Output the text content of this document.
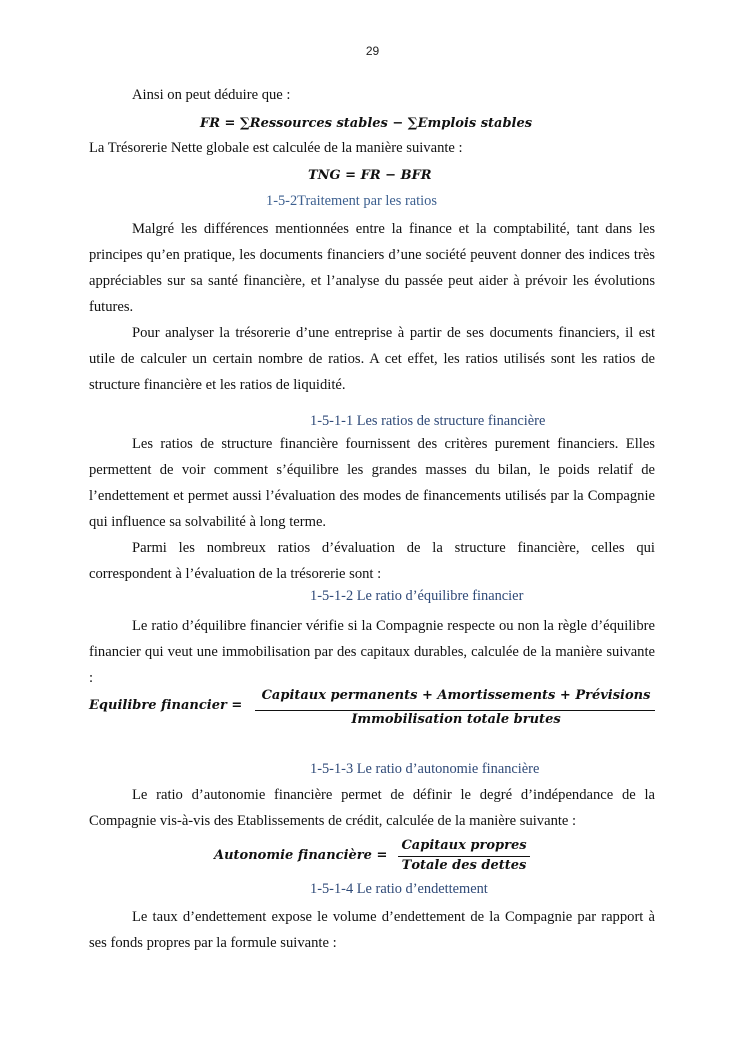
29

Ainsi on peut déduire que :

𝑭𝑹 = ∑𝑹𝒆𝒔𝒔𝒐𝒖𝒓𝒄𝒆𝒔 𝒔𝒕𝒂𝒃𝒍𝒆𝒔 − ∑𝑬𝒎𝒑𝒍𝒐𝒊𝒔 𝒔𝒕𝒂𝒃𝒍𝒆𝒔

La Trésorerie Nette globale est calculée de la manière suivante :

𝑻𝑵𝑮 = 𝑭𝑹 − 𝑩𝑭𝑹
1-5-2Traitement par les ratios

Malgré les différences mentionnées entre la finance et la comptabilité, tant dans les principes qu’en pratique, les documents financiers d’une société peuvent donner des indices très appréciables sur sa santé financière, et l’analyse du passée peut aider à prévoir les évolutions futures.

Pour analyser la trésorerie d’une entreprise à partir de ses documents financiers, il est utile de calculer un certain nombre de ratios. A cet effet, les ratios utilisés sont les ratios de structure financière et les ratios de liquidité.

1-5-1-1 Les ratios de structure financière

Les ratios de structure financière fournissent des critères purement financiers. Elles permettent de voir comment s’équilibre les grandes masses du bilan, le poids relatif de l’endettement et permet aussi l’évaluation des modes de financements utilisés par la Compagnie qui influence sa solvabilité à long terme.

Parmi les nombreux ratios d’évaluation de la structure financière, celles qui correspondent à l’évaluation de la trésorerie sont :

1-5-1-2 Le ratio d’équilibre financier

Le ratio d’équilibre financier vérifie si la Compagnie respecte ou non la règle d’équilibre financier qui veut une immobilisation par des capitaux durables, calculée de la manière suivante :

𝑬𝒒𝒖𝒊𝒍𝒊𝒃𝒓𝒆 𝒇𝒊𝒏𝒂𝒏𝒄𝒊𝒆𝒓 =
𝑪𝒂𝒑𝒊𝒕𝒂𝒖𝒙 𝒑𝒆𝒓𝒎𝒂𝒏𝒆𝒏𝒕𝒔 + 𝑨𝒎𝒐𝒓𝒕𝒊𝒔𝒔𝒆𝒎𝒆𝒏𝒕𝒔 + 𝑷𝒓é𝒗𝒊𝒔𝒊𝒐𝒏𝒔
𝑰𝒎𝒎𝒐𝒃𝒊𝒍𝒊𝒔𝒂𝒕𝒊𝒐𝒏 𝒕𝒐𝒕𝒂𝒍𝒆 𝒃𝒓𝒖𝒕𝒆𝒔
1-5-1-3 Le ratio d’autonomie financière

Le ratio d’autonomie financière permet de définir le degré d’indépendance de la Compagnie vis-à-vis des Etablissements de crédit, calculée de la manière suivante :

𝑨𝒖𝒕𝒐𝒏𝒐𝒎𝒊𝒆 𝒇𝒊𝒏𝒂𝒏𝒄𝒊è𝒓𝒆 =
𝑪𝒂𝒑𝒊𝒕𝒂𝒖𝒙 𝒑𝒓𝒐𝒑𝒓𝒆𝒔
𝑻𝒐𝒕𝒂𝒍𝒆 𝒅𝒆𝒔 𝒅𝒆𝒕𝒕𝒆𝒔
1-5-1-4 Le ratio d’endettement

Le taux d’endettement expose le volume d’endettement de la Compagnie par rapport à ses fonds propres par la formule suivante :
